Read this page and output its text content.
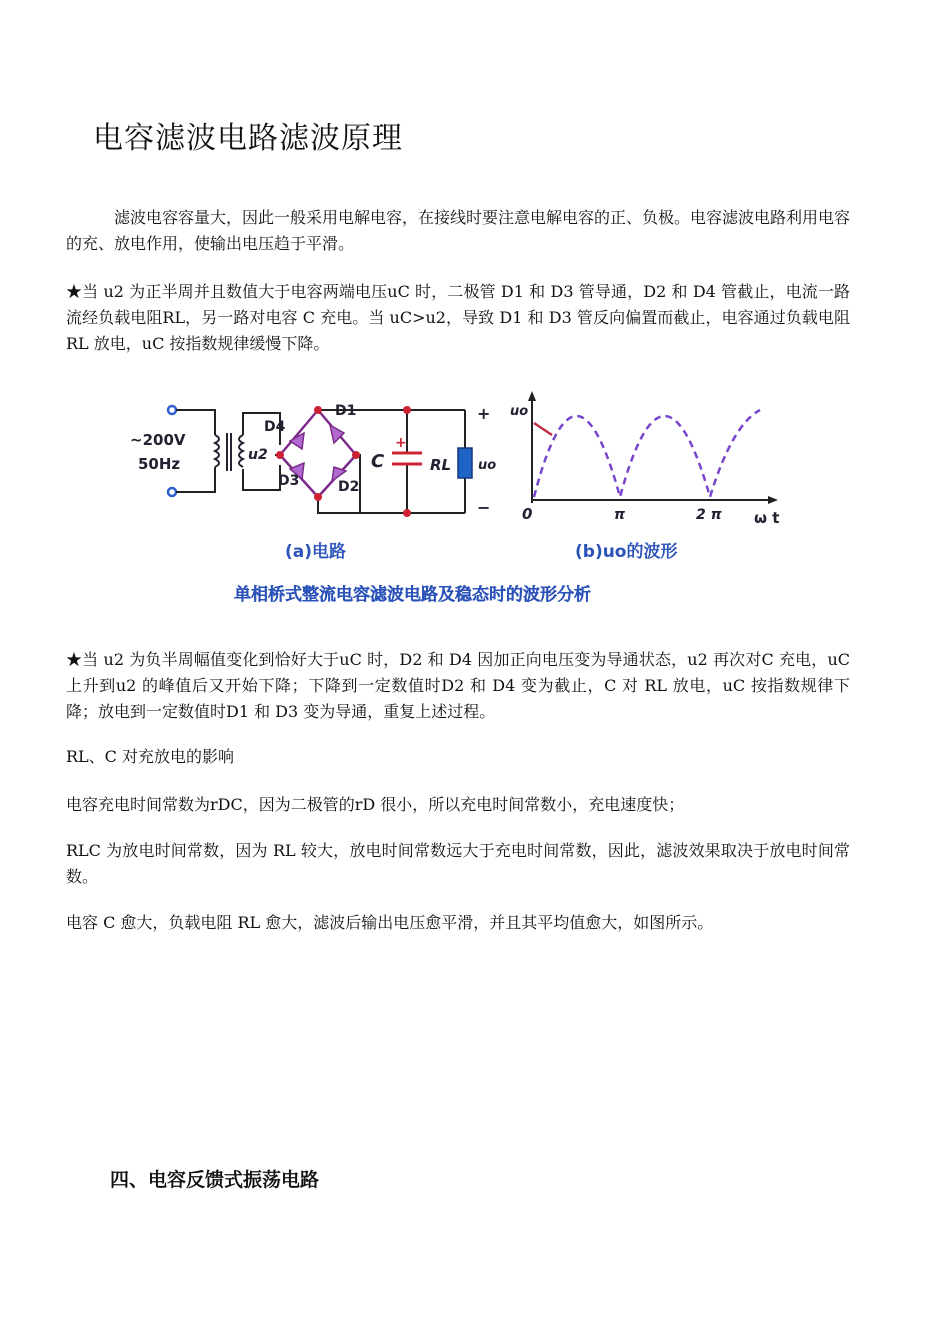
电容滤波电路滤波原理

滤波电容容量大，因此一般采用电解电容，在接线时要注意电解电容的正、负极。电容滤波电路利用电容的充、放电作用，使输出电压趋于平滑。

★当 u2 为正半周并且数值大于电容两端电压uC 时，二极管 D1 和 D3 管导通，D2 和 D4 管截止，电流一路流经负载电阻RL，另一路对电容 C 充电。当 uC>u2，导致 D1 和 D3 管反向偏置而截止，电容通过负载电阻RL 放电，uC 按指数规律缓慢下降。

~200V
50Hz	u2
D1
D4
D3	D2
+
C	RL uo
+
−
uo
ω t
0	π	2 π
(a)电路	(b)uo的波形
单相桥式整流电容滤波电路及稳态时的波形分析

★当 u2 为负半周幅值变化到恰好大于uC 时，D2 和 D4 因加正向电压变为导通状态，u2 再次对C 充电，uC 上升到u2 的峰值后又开始下降；下降到一定数值时D2 和 D4 变为截止，C 对 RL 放电，uC 按指数规律下降；放电到一定数值时D1 和 D3 变为导通，重复上述过程。

RL、C 对充放电的影响

电容充电时间常数为rDC，因为二极管的rD 很小，所以充电时间常数小，充电速度快；

RLC 为放电时间常数，因为 RL 较大，放电时间常数远大于充电时间常数，因此，滤波效果取决于放电时间常数。

电容 C 愈大，负载电阻 RL 愈大，滤波后输出电压愈平滑，并且其平均值愈大，如图所示。

四、电容反馈式振荡电路
